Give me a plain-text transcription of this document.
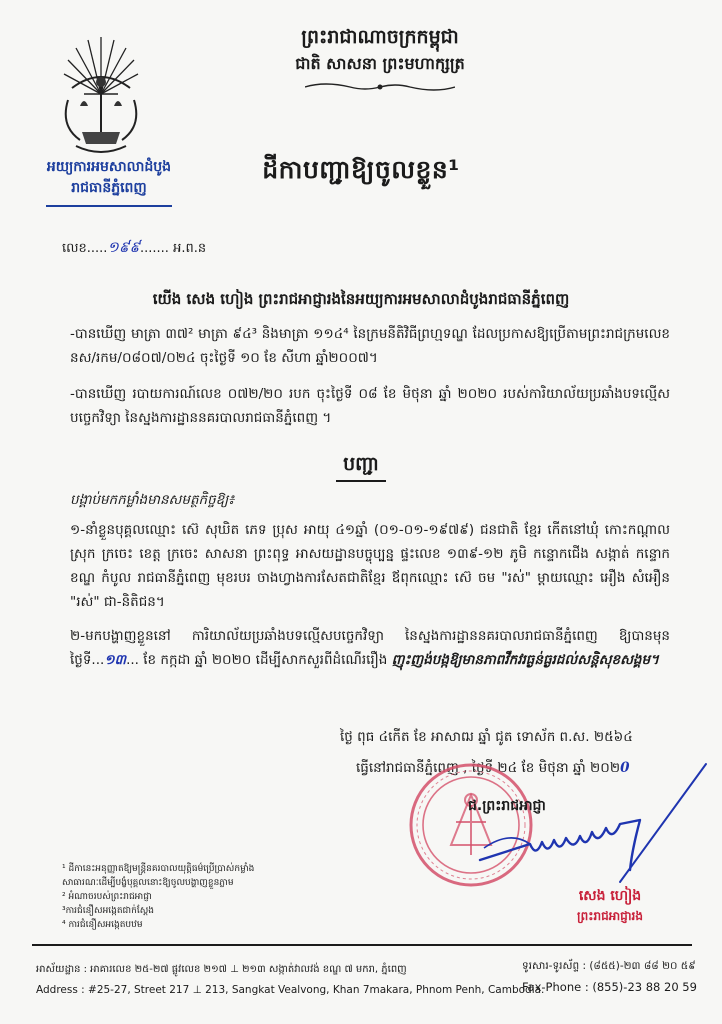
អយ្យការអមសាលាដំបូង
រាជធានីភ្នំពេញ
ព្រះរាជាណាចក្រកម្ពុជា
ជាតិ សាសនា ព្រះមហាក្សត្រ
ដីកាបញ្ជាឱ្យចូលខ្លួន¹
លេខ.....១៩៩....... អ.ព.ន
យើង សេង ហៀង ព្រះរាជអាជ្ញារងនៃអយ្យការអមសាលាដំបូងរាជធានីភ្នំពេញ
-បានឃើញ មាត្រា ៣៧² មាត្រា ៩៤³ និងមាត្រា ១១៤⁴ នៃក្រមនីតិវិធីព្រហ្មទណ្ឌ ដែលប្រកាសឱ្យប្រើតាមព្រះរាជក្រមលេខ នស/រកម/០៨០៧/០២៤ ចុះថ្ងៃទី ១០ ខែ សីហា ឆ្នាំ២០០៧។
-បានឃើញ របាយការណ៍លេខ ០៧២/២០ របក ចុះថ្ងៃទី ០៨ ខែ មិថុនា ឆ្នាំ ២០២០ របស់ការិយាល័យប្រឆាំងបទល្មើសបច្ចេកវិទ្យា នៃស្នងការដ្ឋាននគរបាលរាជធានីភ្នំពេញ ។
បញ្ជា
បង្គាប់មកកម្លាំងមានសមត្ថកិច្ចឱ្យ៖
១-នាំខ្លួនបុគ្គលឈ្មោះ ស៊េ សុឃិត ភេទ ប្រុស អាយុ ៤១ឆ្នាំ (០១-០១-១៩៧៩) ជនជាតិ ខ្មែរ កើតនៅឃុំ កោះកណ្ដាល ស្រុក ក្រចេះ ខេត្ត ក្រចេះ សាសនា ព្រះពុទ្ធ អាសយដ្ឋានបច្ចុប្បន្ន ផ្ទះលេខ ១៣៩-១២ ភូមិ កន្ទោកជើង សង្កាត់ កន្ទោក ខណ្ឌ កំបូល រាជធានីភ្នំពេញ មុខរបរ ចាងហ្វាងការសែតជាតិខ្មែរ ឪពុកឈ្មោះ ស៊េ ចម "រស់" ម្ដាយឈ្មោះ អឿង សំអឿន "រស់" ជា-និតិជន។
២-មកបង្ហាញខ្លួននៅ ការិយាល័យប្រឆាំងបទល្មើសបច្ចេកវិទ្យា នៃស្នងការដ្ឋាននគរបាលរាជធានីភ្នំពេញ ឱ្យបានមុនថ្ងៃទី...១៣... ខែ កក្កដា ឆ្នាំ ២០២០ ដើម្បីសាកសួរពីដំណើររឿង ញុះញង់បង្កឱ្យមានភាពវឹកវរធ្ងន់ធ្ងរដល់សន្តិសុខសង្គម។
ថ្ងៃ ពុធ ៤កើត ខែ អាសាឍ ឆ្នាំ ជូត ទោស័ក ព.ស. ២៥៦៤
ធ្វើនៅរាជធានីភ្នំពេញ , ថ្ងៃទី ២៤ ខែ មិថុនា ឆ្នាំ ២០២0
ជ.ព្រះរាជអាជ្ញា
សេង ហៀង
ព្រះរាជអាជ្ញារង
¹ ដីកានេះអនុញ្ញាតឱ្យមន្ត្រីនគរបាលយុត្តិធម៌ប្រើប្រាស់កម្លាំង
សាធារណៈដើម្បីបង្ខំបុគ្គលនោះឱ្យចូលបង្ហាញខ្លួនភ្លាម
² អំណាចរបស់ព្រះរាជអាជ្ញា
³ការជំនឿសអង្កេតជាក់ស្ដែង
⁴ ការជំនឿសអង្កេតបឋម
អាស័យដ្ឋាន : អាគារលេខ ២៥-២៧ ផ្លូវលេខ ២១៧ ⊥ ២១៣ សង្កាត់វាលវង់ ខណ្ឌ ៧ មករា, ភ្នំពេញ
Address : #25-27, Street 217 ⊥ 213, Sangkat Vealvong, Khan 7makara, Phnom Penh, Cambodia.
ទូរសារ-ទូរស័ព្ទ : (៨៥៥)-២៣ ៨៨ ២០ ៥៩
Fax-Phone : (855)-23 88 20 59
